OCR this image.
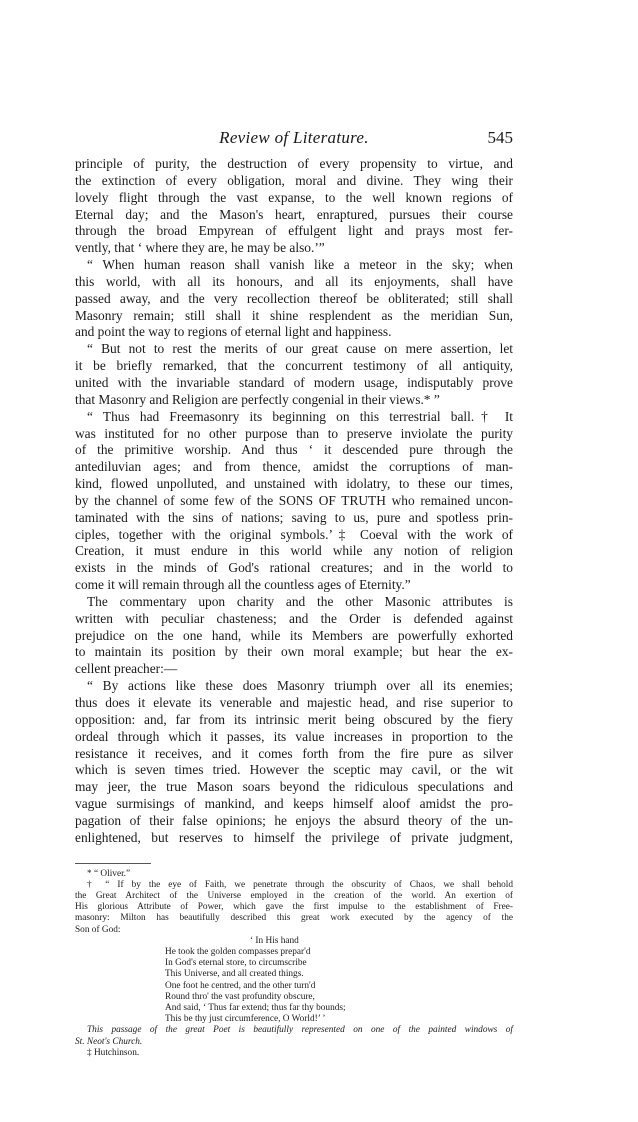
Review of Literature.	545
principle of purity, the destruction of every propensity to virtue, and
the extinction of every obligation, moral and divine. They wing their
lovely flight through the vast expanse, to the well known regions of
Eternal day; and the Mason's heart, enraptured, pursues their course
through the broad Empyrean of effulgent light and prays most fer-
vently, that ‘ where they are, he may be also.’”
“ When human reason shall vanish like a meteor in the sky; when
this world, with all its honours, and all its enjoyments, shall have
passed away, and the very recollection thereof be obliterated; still shall
Masonry remain; still shall it shine resplendent as the meridian Sun,
and point the way to regions of eternal light and happiness.
“ But not to rest the merits of our great cause on mere assertion, let
it be briefly remarked, that the concurrent testimony of all antiquity,
united with the invariable standard of modern usage, indisputably prove
that Masonry and Religion are perfectly congenial in their views.* ”
“ Thus had Freemasonry its beginning on this terrestrial ball.† It
was instituted for no other purpose than to preserve inviolate the purity
of the primitive worship. And thus ‘ it descended pure through the
antediluvian ages; and from thence, amidst the corruptions of man-
kind, flowed unpolluted, and unstained with idolatry, to these our times,
by the channel of some few of the SONS OF TRUTH who remained uncon-
taminated with the sins of nations; saving to us, pure and spotless prin-
ciples, together with the original symbols.’‡ Coeval with the work of
Creation, it must endure in this world while any notion of religion
exists in the minds of God's rational creatures; and in the world to
come it will remain through all the countless ages of Eternity.”
The commentary upon charity and the other Masonic attributes is
written with peculiar chasteness; and the Order is defended against
prejudice on the one hand, while its Members are powerfully exhorted
to maintain its position by their own moral example; but hear the ex-
cellent preacher:—
“ By actions like these does Masonry triumph over all its enemies;
thus does it elevate its venerable and majestic head, and rise superior to
opposition: and, far from its intrinsic merit being obscured by the fiery
ordeal through which it passes, its value increases in proportion to the
resistance it receives, and it comes forth from the fire pure as silver
which is seven times tried. However the sceptic may cavil, or the wit
may jeer, the true Mason soars beyond the ridiculous speculations and
vague surmisings of mankind, and keeps himself aloof amidst the pro-
pagation of their false opinions; he enjoys the absurd theory of the un-
enlightened, but reserves to himself the privilege of private judgment,
* “ Oliver.”
† “ If by the eye of Faith, we penetrate through the obscurity of Chaos, we shall behold
the Great Architect of the Universe employed in the creation of the world. An exertion of
His glorious Attribute of Power, which gave the first impulse to the establishment of Free-
masonry: Milton has beautifully described this great work executed by the agency of the
Son of God:
‘ In His hand
He took the golden compasses prepar'd
In God's eternal store, to circumscribe
This Universe, and all created things.
One foot he centred, and the other turn'd
Round thro' the vast profundity obscure,
And said, ‘ Thus far extend; thus far thy bounds;
This be thy just circumference, O World!’ ’
This passage of the great Poet is beautifully represented on one of the painted windows of
St. Neot's Church.
‡ Hutchinson.
